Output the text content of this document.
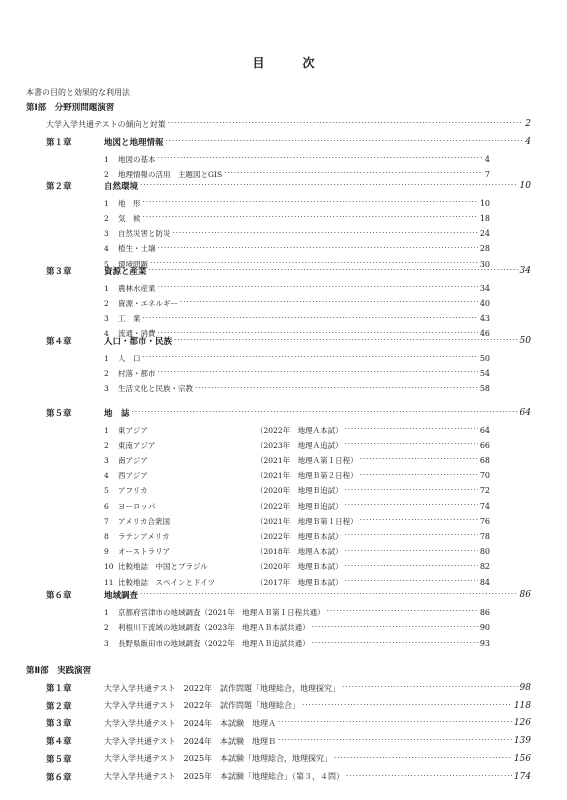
目	次
本書の目的と効果的な利用法
第Ⅰ部
　 分野別問題演習
大学入学共通テストの傾向と対策 ·····	2
第１章	地図と地理情報 ·····	4
1	地図の基本 ·····	4
2	地理情報の活用　主題図とGIS ·····	7
第２章	自然環境 ·····	10
1	地　形 ·····	10
2	気　候 ·····	18
3	自然災害と防災 ·····	24
4	植生・土壌 ·····	28
5	環境問題 ·····	30
第３章	資源と産業 ·····	34
1	農林水産業 ·····	34
2	資源・エネルギー ·····	40
3	工　業 ·····	43
4	流通・消費 ·····	46
第４章	人口・都市・民族 ·····	50
1	人　口 ·····	50
2	村落・都市 ·····	54
3	生活文化と民族・宗教 ·····	58
第５章	地　誌 ·····	64
1	東アジア	（2022年　地理Ａ本試） ·····	64
2	東南アジア	（2023年　地理Ａ追試） ·····	66
3	南アジア	（2021年　地理Ａ第１日程） ·····	68
4	西アジア	（2021年　地理Ｂ第２日程） ·····	70
5	アフリカ	（2020年　地理Ｂ追試） ·····	72
6	ヨーロッパ	（2022年　地理Ｂ追試） ·····	74
7	アメリカ合衆国	（2021年　地理Ｂ第１日程） ·····	76
8	ラテンアメリカ	（2022年　地理Ｂ本試） ·····	78
9	オーストラリア	（2018年　地理Ａ本試） ·····	80
10 比較地誌　中国とブラジル	（2020年　地理Ｂ本試） ·····	82
11 比較地誌　スペインとドイツ	（2017年　地理Ｂ本試） ·····	84
第６章	地域調査 ·····	86
1	京都府宮津市の地域調査（2021年　地理ＡＢ第１日程共通） ·····	86
2	利根川下流域の地域調査（2023年　地理ＡＢ本試共通） ·····	90
3	長野県飯田市の地域調査（2022年　地理ＡＢ追試共通） ·····	93
第Ⅱ部
　 実践演習
第１章	大学入学共通テスト　2022年　試作問題「地理総合，地理探究」 ·····	98
第２章	大学入学共通テスト　2022年　試作問題「地理総合」 ·····	118
第３章	大学入学共通テスト　2024年　本試験　地理Ａ ·····	126
第４章	大学入学共通テスト　2024年　本試験　地理Ｂ ·····	139
第５章	大学入学共通テスト　2025年　本試験「地理総合，地理探究」 ·····	156
第６章	大学入学共通テスト　2025年　本試験「地理総合」（第３，４問） ·····	174
